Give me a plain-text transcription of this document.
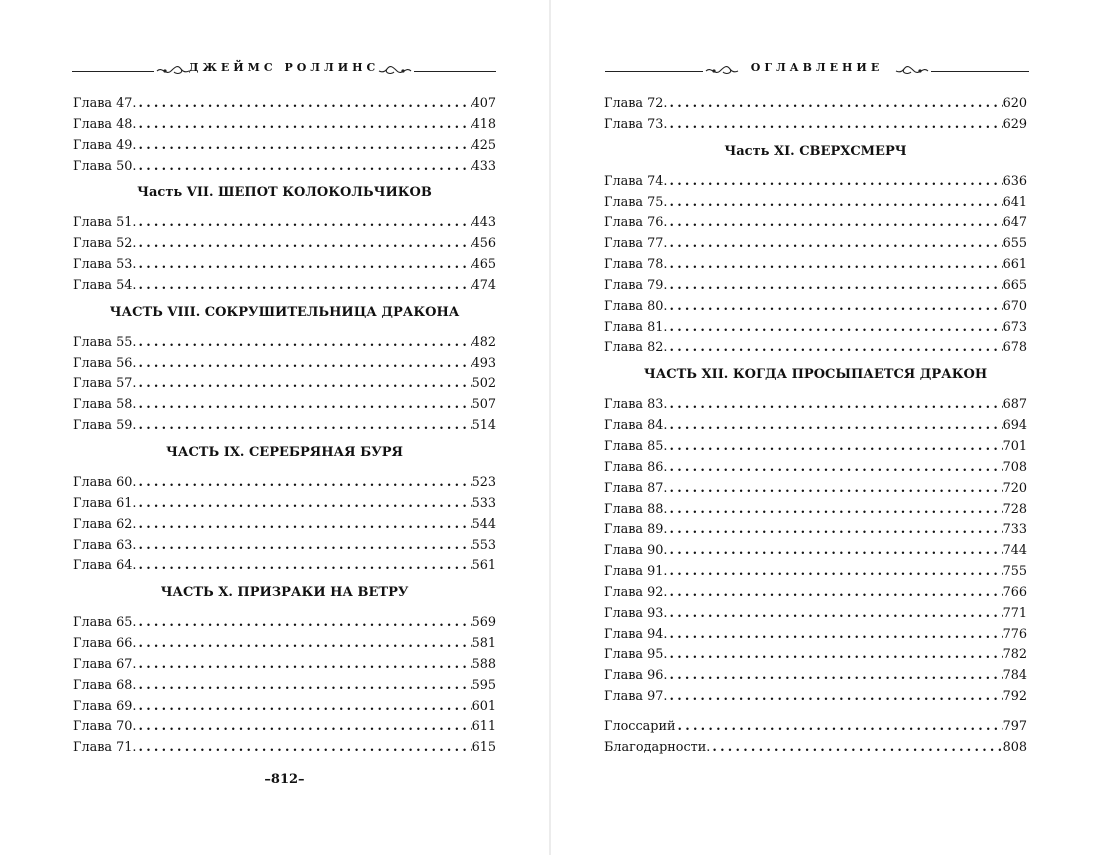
ДЖЕЙМС РОЛЛИНС
Глава 47. . . .	407
Глава 48. . . .	418
Глава 49. . . .	425
Глава 50. . . .	433
Часть VII. ШЕПОТ КОЛОКОЛЬЧИКОВ
Глава 51. . . .	443
Глава 52. . . .	456
Глава 53. . . .	465
Глава 54. . . .	474
ЧАСТЬ VIII. СОКРУШИТЕЛЬНИЦА ДРАКОНА
Глава 55. . . .	482
Глава 56. . . .	493
Глава 57. . . .	502
Глава 58. . . .	507
Глава 59. . . .	514
ЧАСТЬ IX. СЕРЕБРЯНАЯ БУРЯ
Глава 60. . . .	523
Глава 61. . . .	533
Глава 62. . . .	544
Глава 63. . . .	553
Глава 64. . . .	561
ЧАСТЬ X. ПРИЗРАКИ НА ВЕТРУ
Глава 65. . . .	569
Глава 66. . . .	581
Глава 67. . . .	588
Глава 68. . . .	595
Глава 69. . . .	601
Глава 70. . . .	611
Глава 71. . . .	615
–812–
ОГЛАВЛЕНИЕ
Глава 72. . . .	620
Глава 73. . . .	629
Часть XI. СВЕРХСМЕРЧ
Глава 74. . . .	636
Глава 75. . . .	641
Глава 76. . . .	647
Глава 77. . . .	655
Глава 78. . . .	661
Глава 79. . . .	665
Глава 80. . . .	670
Глава 81. . . .	673
Глава 82. . . .	678
ЧАСТЬ XII. КОГДА ПРОСЫПАЕТСЯ ДРАКОН
Глава 83. . . .	687
Глава 84. . . .	694
Глава 85. . . .	701
Глава 86. . . .	708
Глава 87. . . .	720
Глава 88. . . .	728
Глава 89. . . .	733
Глава 90. . . .	744
Глава 91. . . .	755
Глава 92. . . .	766
Глава 93. . . .	771
Глава 94. . . .	776
Глава 95. . . .	782
Глава 96. . . .	784
Глава 97. . . .	792
Глоссарий . . .	797
Благодарности. . . .	808
